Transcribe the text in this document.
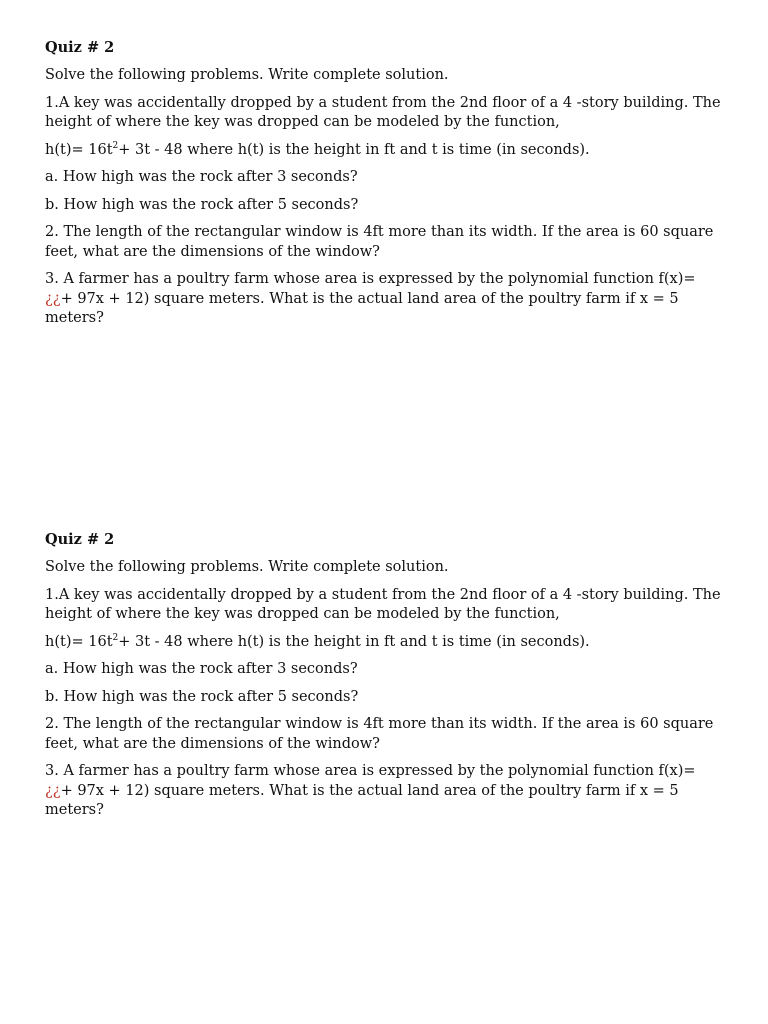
Quiz # 2

Solve the following problems. Write complete solution.

1.A key was accidentally dropped by a student from the 2nd floor of a 4 -story building. The height of where the key was dropped can be modeled by the function,

$h(t)= 16t^2+ 3t - 48$ where h(t) is the height in ft and t is time (in seconds).

a. How high was the rock after 3 seconds?

b. How high was the rock after 5 seconds?

2. The length of the rectangular window is 4ft more than its width. If the area is 60 square feet, what are the dimensions of the window?

3. A farmer has a poultry farm whose area is expressed by the polynomial function f(x)= ¿¿+ 97x + 12) square meters. What is the actual land area of the poultry farm if x = 5 meters?

Quiz # 2

Solve the following problems. Write complete solution.

1.A key was accidentally dropped by a student from the 2nd floor of a 4 -story building. The height of where the key was dropped can be modeled by the function,

$h(t)= 16t^2+ 3t - 48$ where h(t) is the height in ft and t is time (in seconds).

a. How high was the rock after 3 seconds?

b. How high was the rock after 5 seconds?

2. The length of the rectangular window is 4ft more than its width. If the area is 60 square feet, what are the dimensions of the window?

3. A farmer has a poultry farm whose area is expressed by the polynomial function f(x)= ¿¿+ 97x + 12) square meters. What is the actual land area of the poultry farm if x = 5 meters?
